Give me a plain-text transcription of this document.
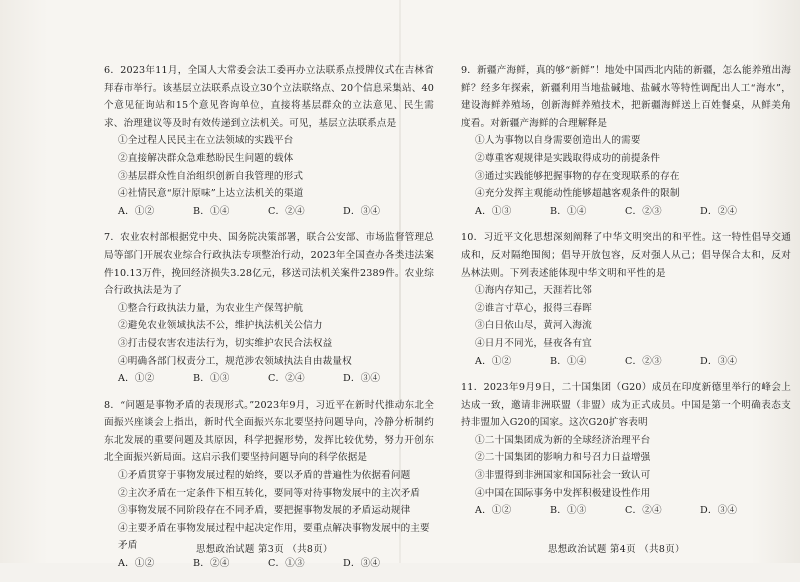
6．2023年11月，全国人大常委会法工委再办立法联系点授牌仪式在吉林省拜春市举行。该基层立法联系点设立30个立法联络点、20个信息采集站、40个意见征询站和15个意见咨询单位，直接将基层群众的立法意见、民生需求、治理建议等及时有效传递到立法机关。可见，基层立法联系点是

①全过程人民民主在立法领域的实践平台

②直接解决群众急难愁盼民生问题的载体

③基层群众性自治组织创新自我管理的形式

④社情民意“原汁原味”上达立法机关的渠道

A．①②	B．①④	C．②④	D．③④

7．农业农村部根据党中央、国务院决策部署，联合公安部、市场监督管理总局等部门开展农业综合行政执法专项整治行动，2023年全国查办各类违法案件10.13万件，挽回经济损失3.28亿元，移送司法机关案件2389件。农业综合行政执法是为了

①整合行政执法力量，为农业生产保驾护航

②避免农业领域执法不公，维护执法机关公信力

③打击侵农害农违法行为，切实维护农民合法权益

④明确各部门权责分工，规范涉农领域执法自由裁量权

A．①②	B．①③	C．②④	D．③④

8．“问题是事物矛盾的表现形式。”2023年9月，习近平在新时代推动东北全面振兴座谈会上指出，新时代全面振兴东北要坚持问题导向，冷静分析制约东北发展的重要问题及其原因，科学把握形势，发挥比较优势，努力开创东北全面振兴新局面。这启示我们要坚持问题导向的科学依据是

①矛盾贯穿于事物发展过程的始终，要以矛盾的普遍性为依据看问题

②主次矛盾在一定条件下相互转化，要同等对待事物发展中的主次矛盾

③事物发展不同阶段存在不同矛盾，要把握事物发展的矛盾运动规律

④主要矛盾在事物发展过程中起决定作用，要重点解决事物发展中的主要矛盾

A．①②	B．②④	C．①③	D．③④

9．新疆产海鲜，真的够“新鲜”！地处中国西北内陆的新疆，怎么能养殖出海鲜？经多年探索，新疆利用当地盐碱地、盐碱水等特性调配出人工“海水”，建设海鲜养殖场，创新海鲜养殖技术，把新疆海鲜送上百姓餐桌，从鲜美角度看。对新疆产海鲜的合理解释是

①人为事物以自身需要创造出人的需要

②尊重客观规律是实践取得成功的前提条件

③通过实践能够把握事物的存在变现联系的存在

④充分发挥主观能动性能够超越客观条件的限制

A．①③	B．①④	C．②③	D．②④

10．习近平文化思想深刻阐释了中华文明突出的和平性。这一特性倡导交通成和，反对隔绝围阂；倡导开放包容，反对强人从己；倡导保合太和，反对丛林法则。下列表述能体现中华文明和平性的是

①海内存知己，天涯若比邻

②谁言寸草心，报得三春晖

③白日依山尽，黄河入海流

④日月不同光，昼夜各有宜

A．①②	B．①④	C．②③	D．③④

11．2023年9月9日，二十国集团（G20）成员在印度新德里举行的峰会上达成一致，邀请非洲联盟（非盟）成为正式成员。中国是第一个明确表态支持非盟加入G20的国家。这次G20扩容表明

①二十国集团成为新的全球经济治理平台

②二十国集团的影响力和号召力日益增强

③非盟得到非洲国家和国际社会一致认可

④中国在国际事务中发挥积极建设性作用

A．①②	B．①③	C．②④	D．③④
思想政治试题 第3页 （共8页）	思想政治试题 第4页 （共8页）
